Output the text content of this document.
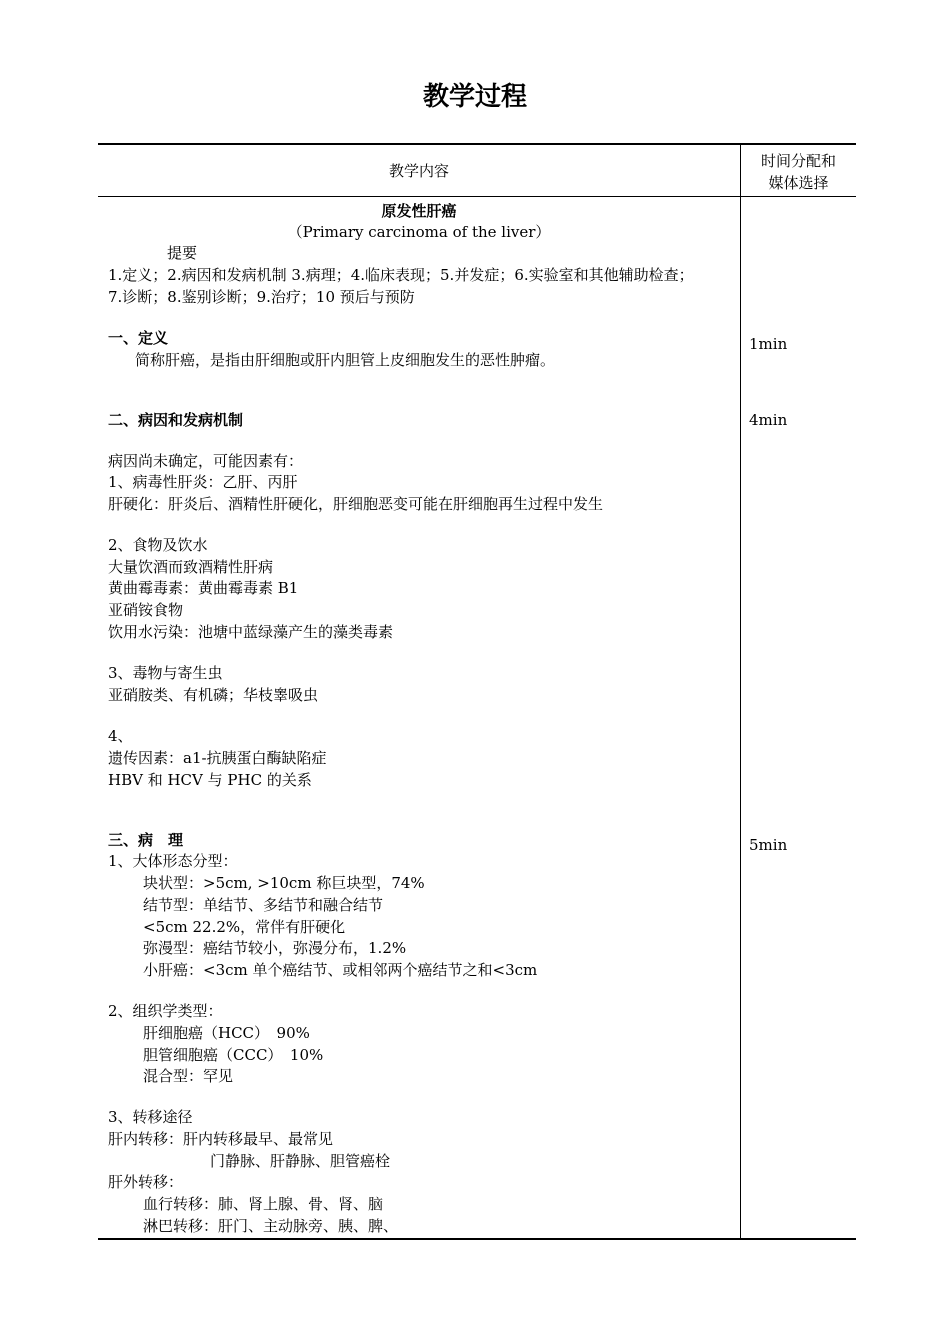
教学过程
教学内容
时间分配和
媒体选择
原发性肝癌
（Primary carcinoma of the liver）
提要
1.定义；2.病因和发病机制 3.病理；4.临床表现；5.并发症；6.实验室和其他辅助检查；
7.诊断；8.鉴别诊断；9.治疗；10 预后与预防
一、定义
简称肝癌，是指由肝细胞或肝内胆管上皮细胞发生的恶性肿瘤。
二、病因和发病机制
病因尚未确定，可能因素有：
1、病毒性肝炎：乙肝、丙肝
肝硬化：肝炎后、酒精性肝硬化，肝细胞恶变可能在肝细胞再生过程中发生
2、食物及饮水
大量饮酒而致酒精性肝病
黄曲霉毒素：黄曲霉毒素 B1
亚硝铵食物
饮用水污染：池塘中蓝绿藻产生的藻类毒素
3、毒物与寄生虫
亚硝胺类、有机磷；华枝睾吸虫
4、
遗传因素：a1-抗胰蛋白酶缺陷症
HBV 和 HCV 与 PHC 的关系
三、病　理
1、大体形态分型：
块状型：>5cm, >10cm 称巨块型，74%
结节型：单结节、多结节和融合结节
<5cm 22.2%，常伴有肝硬化
弥漫型：癌结节较小，弥漫分布，1.2%
小肝癌：<3cm 单个癌结节、或相邻两个癌结节之和<3cm
2、组织学类型：
肝细胞癌（HCC）　90%
胆管细胞癌（CCC）　10%
混合型：罕见
3、转移途径
肝内转移：肝内转移最早、最常见
门静脉、肝静脉、胆管癌栓
肝外转移：
血行转移：肺、肾上腺、骨、肾、脑
淋巴转移：肝门、主动脉旁、胰、脾、
1min
4min
5min
